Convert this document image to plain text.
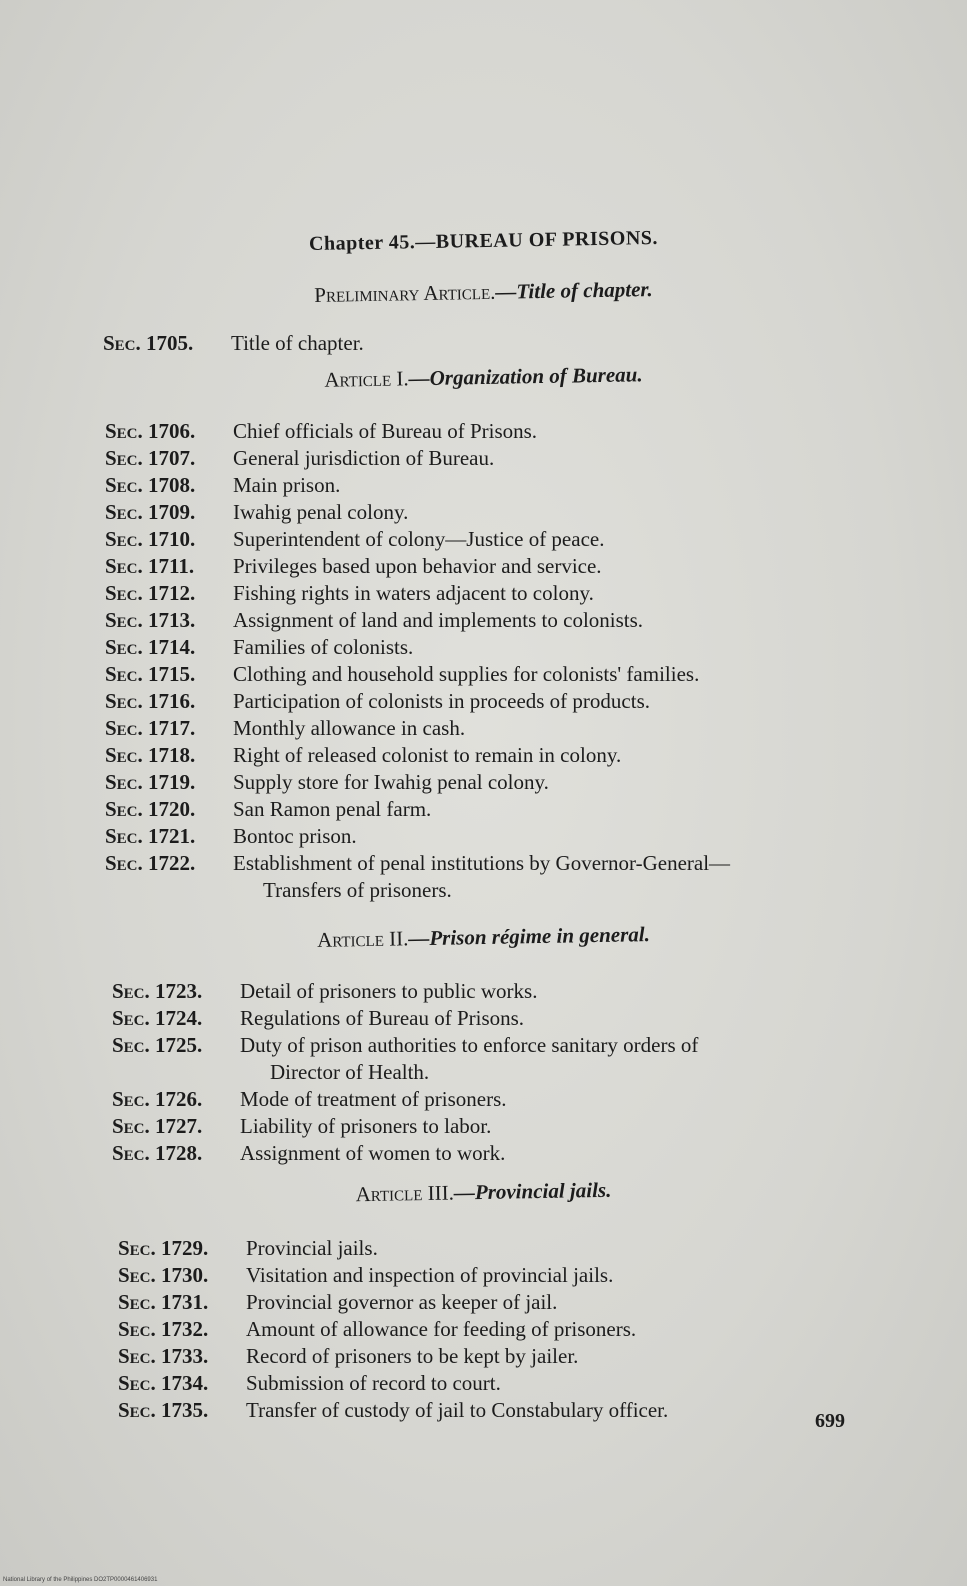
Chapter 45.—BUREAU OF PRISONS.
Preliminary Article.—Title of chapter.
Sec. 1705.	Title of chapter.
Article I.—Organization of Bureau.
Sec. 1706.	Chief officials of Bureau of Prisons.
Sec. 1707.	General jurisdiction of Bureau.
Sec. 1708.	Main prison.
Sec. 1709.	Iwahig penal colony.
Sec. 1710.	Superintendent of colony—Justice of peace.
Sec. 1711.	Privileges based upon behavior and service.
Sec. 1712.	Fishing rights in waters adjacent to colony.
Sec. 1713.	Assignment of land and implements to colonists.
Sec. 1714.	Families of colonists.
Sec. 1715.	Clothing and household supplies for colonists' families.
Sec. 1716.	Participation of colonists in proceeds of products.
Sec. 1717.	Monthly allowance in cash.
Sec. 1718.	Right of released colonist to remain in colony.
Sec. 1719.	Supply store for Iwahig penal colony.
Sec. 1720.	San Ramon penal farm.
Sec. 1721.	Bontoc prison.
Sec. 1722.	Establishment of penal institutions by Governor-General—
Transfers of prisoners.
Article II.—Prison régime in general.
Sec. 1723.	Detail of prisoners to public works.
Sec. 1724.	Regulations of Bureau of Prisons.
Sec. 1725.	Duty of prison authorities to enforce sanitary orders of
Director of Health.
Sec. 1726.	Mode of treatment of prisoners.
Sec. 1727.	Liability of prisoners to labor.
Sec. 1728.	Assignment of women to work.
Article III.—Provincial jails.
Sec. 1729.	Provincial jails.
Sec. 1730.	Visitation and inspection of provincial jails.
Sec. 1731.	Provincial governor as keeper of jail.
Sec. 1732.	Amount of allowance for feeding of prisoners.
Sec. 1733.	Record of prisoners to be kept by jailer.
Sec. 1734.	Submission of record to court.
Sec. 1735.	Transfer of custody of jail to Constabulary officer.	699
National Library of the Philippines DO2TP0000461406931
